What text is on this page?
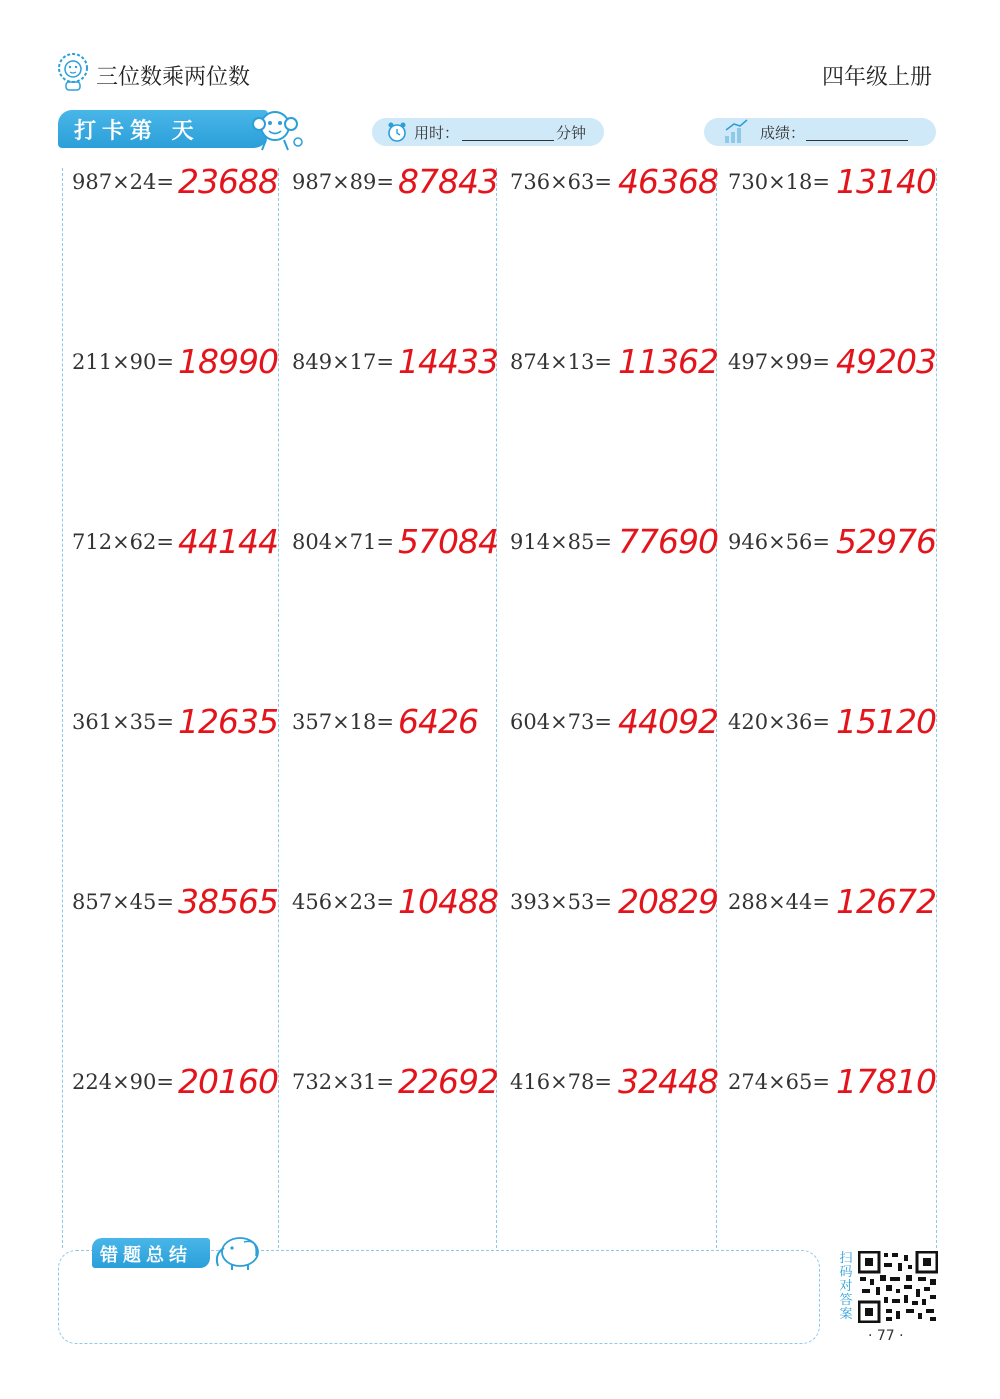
三位数乘两位数	四年级上册
打卡第 天	用时：	分钟	成绩：
987×24= 23688
211×90= 18990
712×62= 44144
361×35= 12635
857×45= 38565
224×90= 20160
987×89= 87843
849×17= 14433
804×71= 57084
357×18= 6426
456×23= 10488
732×31= 22692
736×63= 46368
874×13= 11362
914×85= 77690
604×73= 44092
393×53= 20829
416×78= 32448
730×18= 13140
497×99= 49203
946×56= 52976
420×36= 15120
288×44= 12672
274×65= 17810
错题总结	扫码对答案
· 77 ·
